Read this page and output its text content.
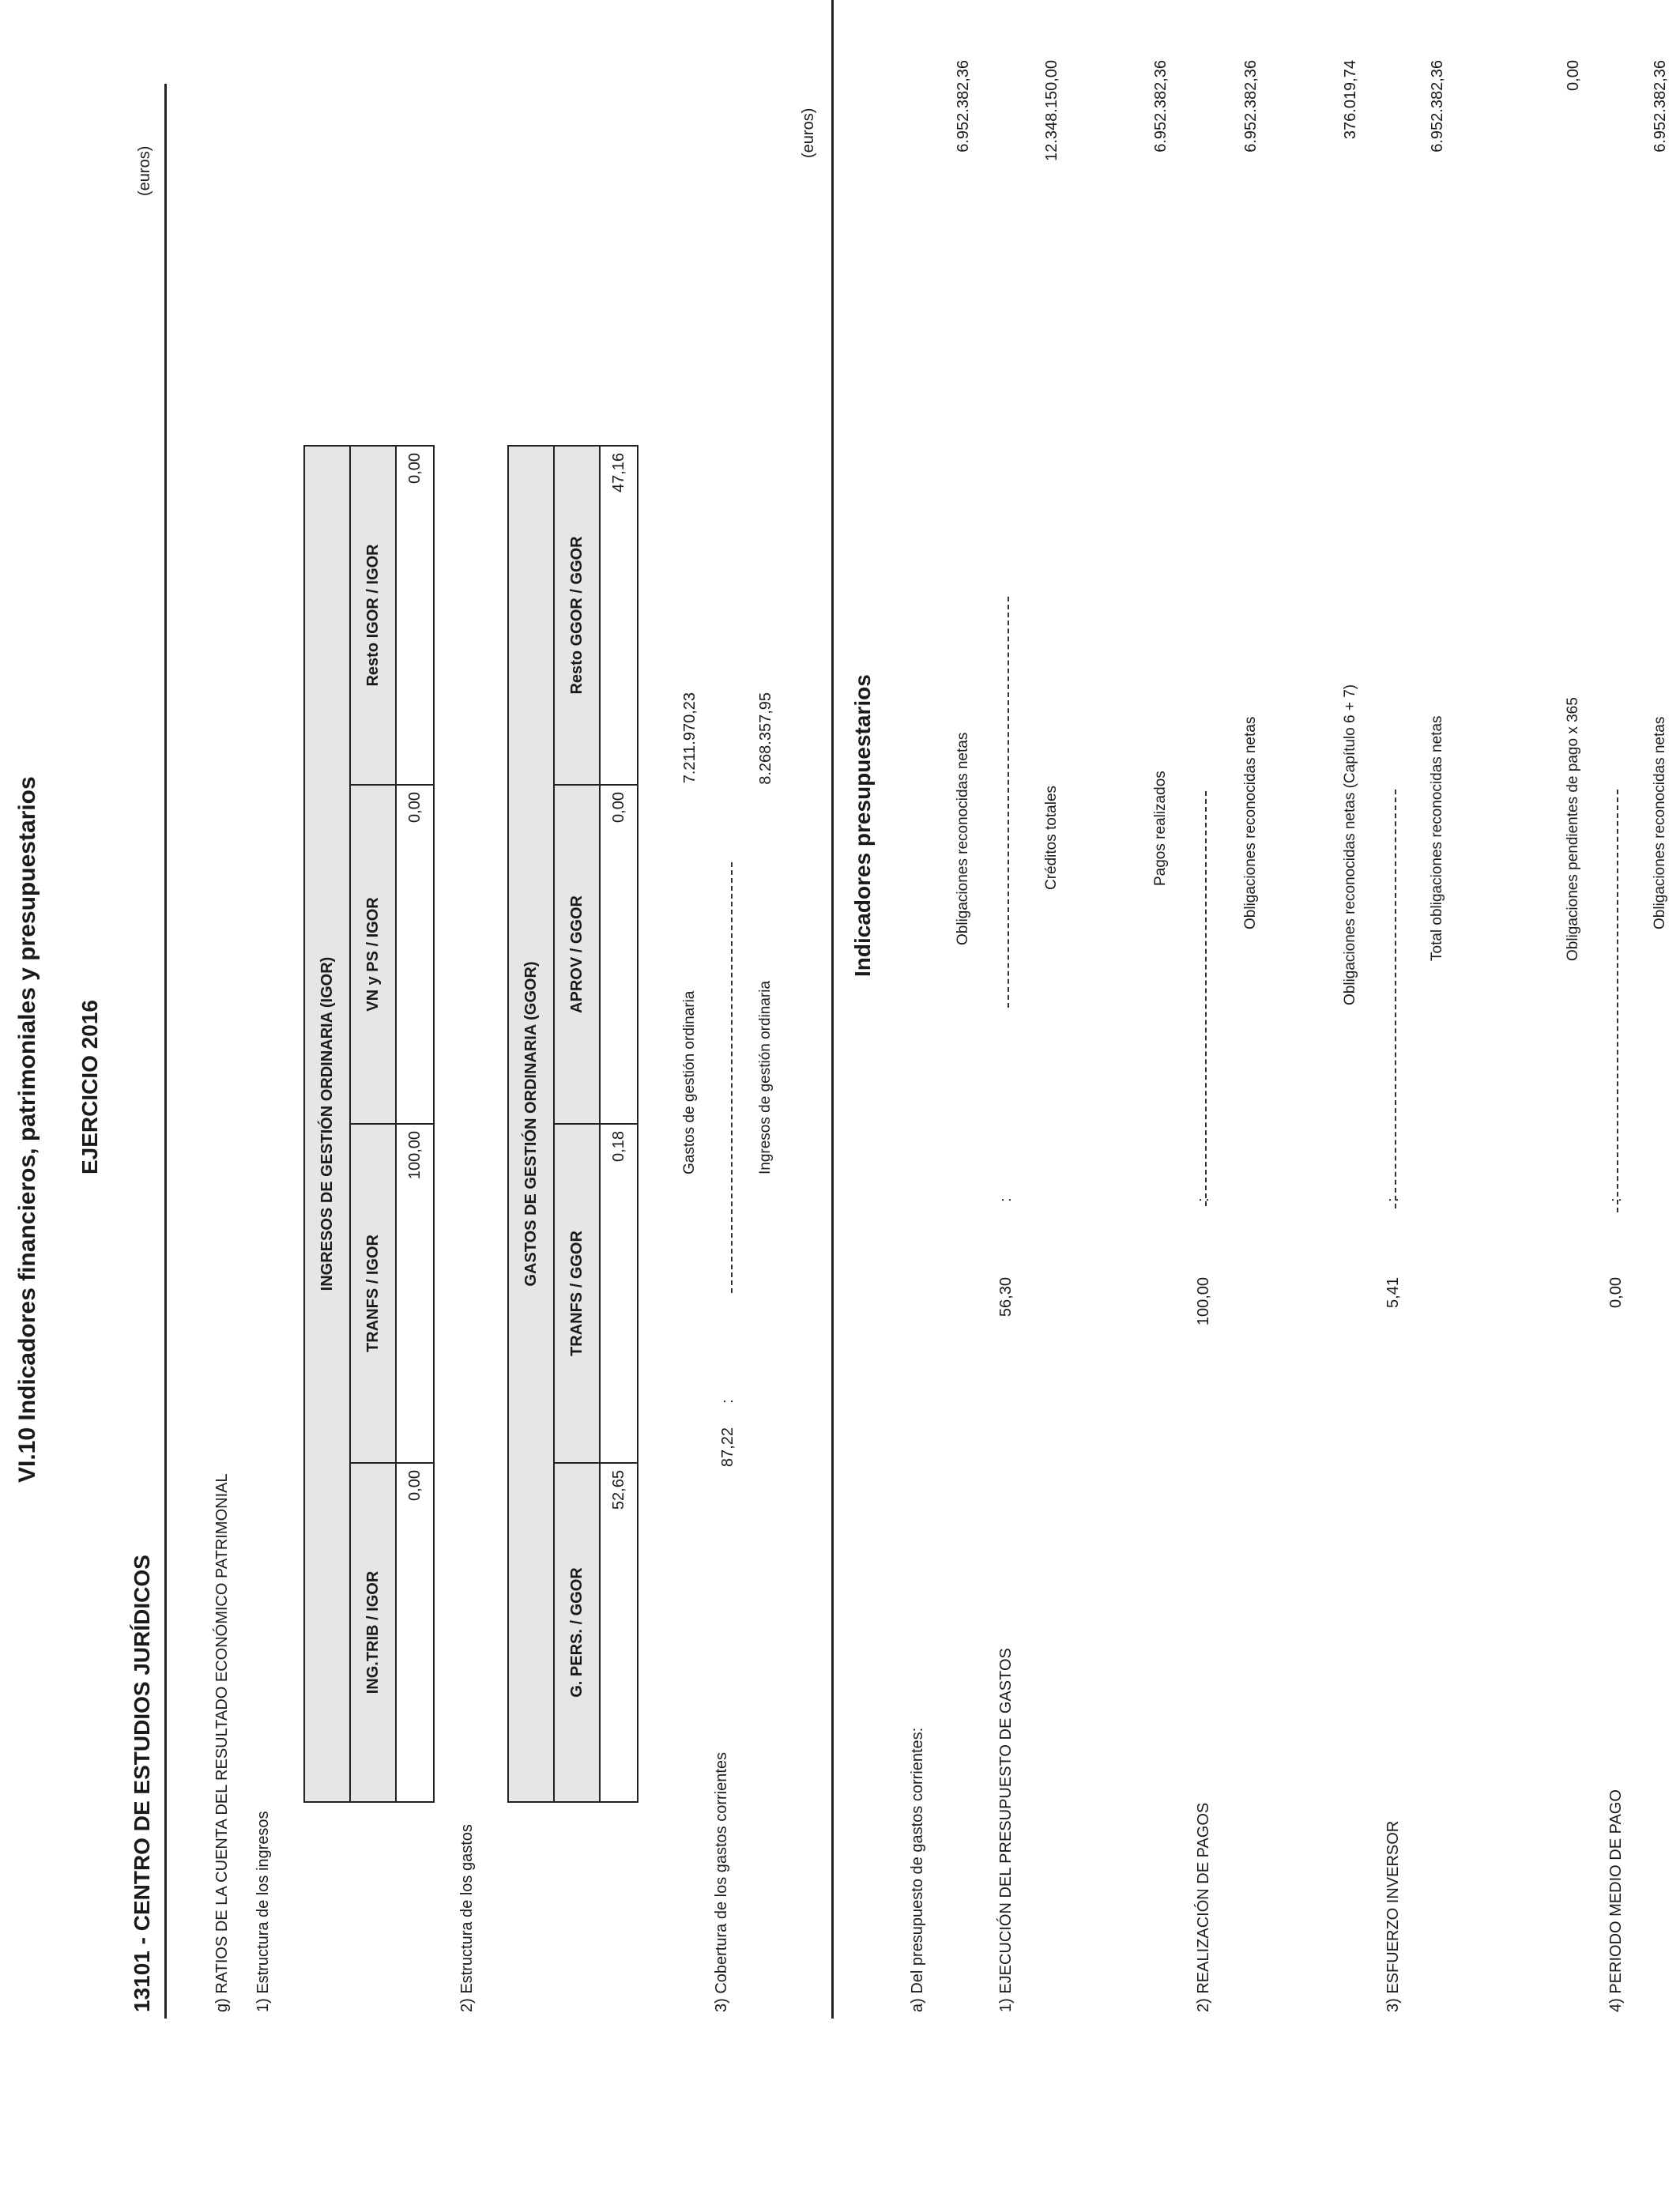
VI.10 Indicadores financieros, patrimoniales y presupuestarios EJERCICIO 2016
13101 - CENTRO DE ESTUDIOS JURÍDICOS
(euros)
g) RATIOS DE LA CUENTA DEL RESULTADO ECONÓMICO PATRIMONIAL 1) Estructura de los ingresos
INGRESOS DE GESTIÓN ORDINARIA (IGOR)			
ING.TRIB / IGOR	TRANFS / IGOR	VN y PS / IGOR	Resto IGOR / IGOR
0,00	100,00	0,00	0,00
2) Estructura de los gastos
GASTOS DE GESTIÓN ORDINARIA (GGOR)			
G. PERS. / GGOR	TRANFS / GGOR	APROV / GGOR	Resto GGOR / GGOR
52,65	0,18	0,00	47,16
3) Cobertura de los gastos corrientes
87,22
:
Gastos de gestión ordinaria
7.211.970,23
Ingresos de gestión ordinaria
8.268.357,95	Indicadores presupuestarios
(euros)
a) Del presupuesto de gastos corrientes:	1) EJECUCIÓN DEL PRESUPUESTO DE GASTOS
56,30
:
Obligaciones reconocidas netas
6.952.382,36
Créditos totales
12.348.150,00
2) REALIZACIÓN DE PAGOS
100,00
:
Pagos realizados
6.952.382,36
Obligaciones reconocidas netas
6.952.382,36
3) ESFUERZO INVERSOR
5,41
:
Obligaciones reconocidas netas (Capítulo 6 + 7)
376.019,74
Total obligaciones reconocidas netas
6.952.382,36
4) PERIODO MEDIO DE PAGO
0,00
:
Obligaciones pendientes de pago x 365
0,00
Obligaciones reconocidas netas
6.952.382,36
